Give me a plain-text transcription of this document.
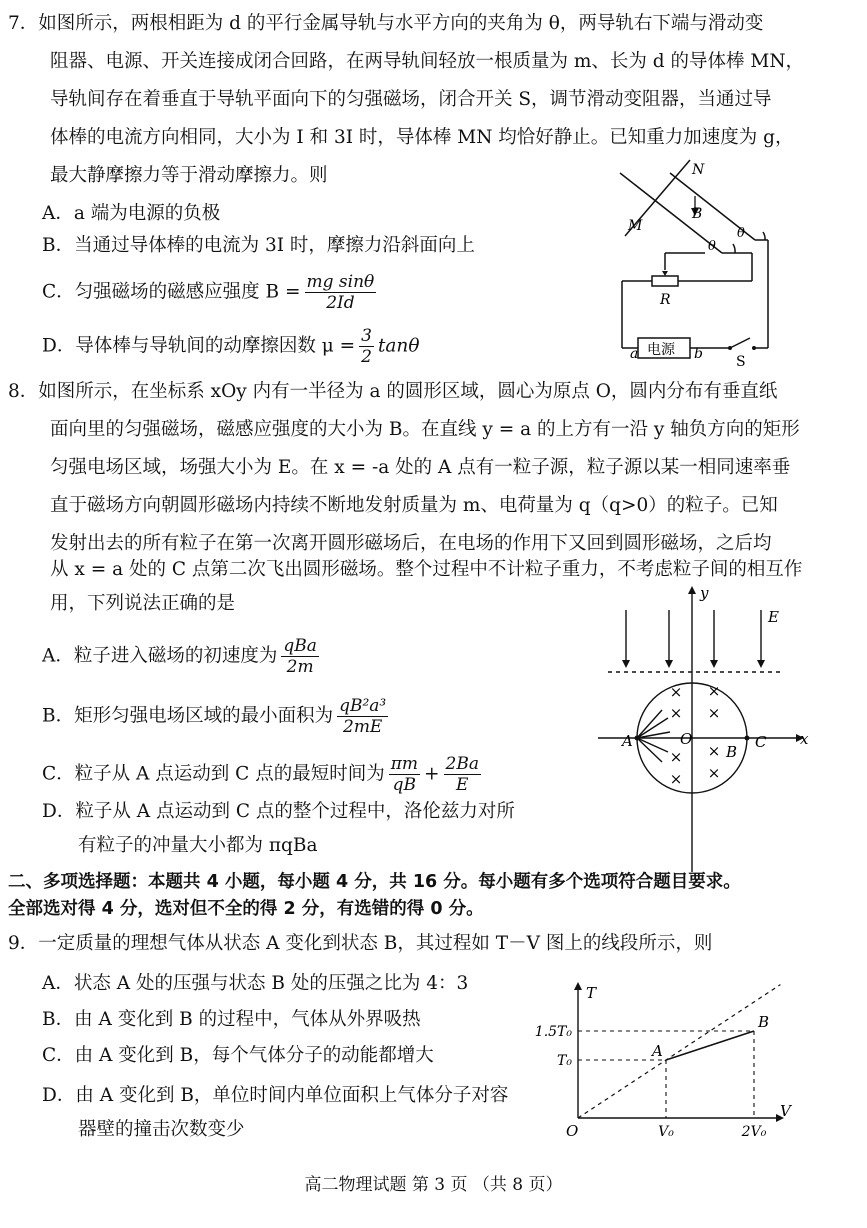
7．如图所示，两根相距为 d 的平行金属导轨与水平方向的夹角为 θ，两导轨右下端与滑动变
阻器、电源、开关连接成闭合回路，在两导轨间轻放一根质量为 m、长为 d 的导体棒 MN，
导轨间存在着垂直于导轨平面向下的匀强磁场，闭合开关 S，调节滑动变阻器，当通过导
体棒的电流方向相同，大小为 I 和 3I 时，导体棒 MN 均恰好静止。已知重力加速度为 g，
最大静摩擦力等于滑动摩擦力。则
A．a 端为电源的负极
B．当通过导体棒的电流为 3I 时，摩擦力沿斜面向上
C．匀强磁场的磁感应强度 $B = \frac{\text{mg sinθ}}{2Id}$
D．导体棒与导轨间的动摩擦因数 $\mu = \frac{3}{2}$ tanθ
N
B
M	θ
θ
R
电源
a	b S
8．如图所示，在坐标系 xOy 内有一半径为 a 的圆形区域，圆心为原点 O，圆内分布有垂直纸
面向里的匀强磁场，磁感应强度的大小为 B。在直线 y = a 的上方有一沿 y 轴负方向的矩形
匀强电场区域，场强大小为 E。在 x = -a 处的 A 点有一粒子源，粒子源以某一相同速率垂
直于磁场方向朝圆形磁场内持续不断地发射质量为 m、电荷量为 q（q>0）的粒子。已知
发射出去的所有粒子在第一次离开圆形磁场后，在电场的作用下又回到圆形磁场，之后均
从 x = a 处的 C 点第二次飞出圆形磁场。整个过程中不计粒子重力，不考虑粒子间的相互作
用，下列说法正确的是
A．粒子进入磁场的初速度为 $\frac{\text{qBa}}{2m}$
B．矩形匀强电场区域的最小面积为 $\frac{\text{qB²a³}}{2mE}$
C．粒子从 A 点运动到 C 点的最短时间为 $\frac{\pi m}{qB} + \frac{2Ba}{E}$
D．粒子从 A 点运动到 C 点的整个过程中，洛伦兹力对所
有粒子的冲量大小都为 πqBa
× ×
× ×
×
×
×
×
y
x
E
A	O
B
C
二、多项选择题：本题共 4 小题，每小题 4 分，共 16 分。每小题有多个选项符合题目要求。
全部选对得 4 分，选对但不全的得 2 分，有选错的得 0 分。
9．一定质量的理想气体从状态 A 变化到状态 B，其过程如 T－V 图上的线段所示，则
A．状态 A 处的压强与状态 B 处的压强之比为 4：3
B．由 A 变化到 B 的过程中，气体从外界吸热
C．由 A 变化到 B，每个气体分子的动能都增大
D．由 A 变化到 B，单位时间内单位面积上气体分子对容
器壁的撞击次数变少
A
B
T₀
1.5T₀
V₀	2V₀
T
V
O
高二物理试题 第 3 页 （共 8 页）
